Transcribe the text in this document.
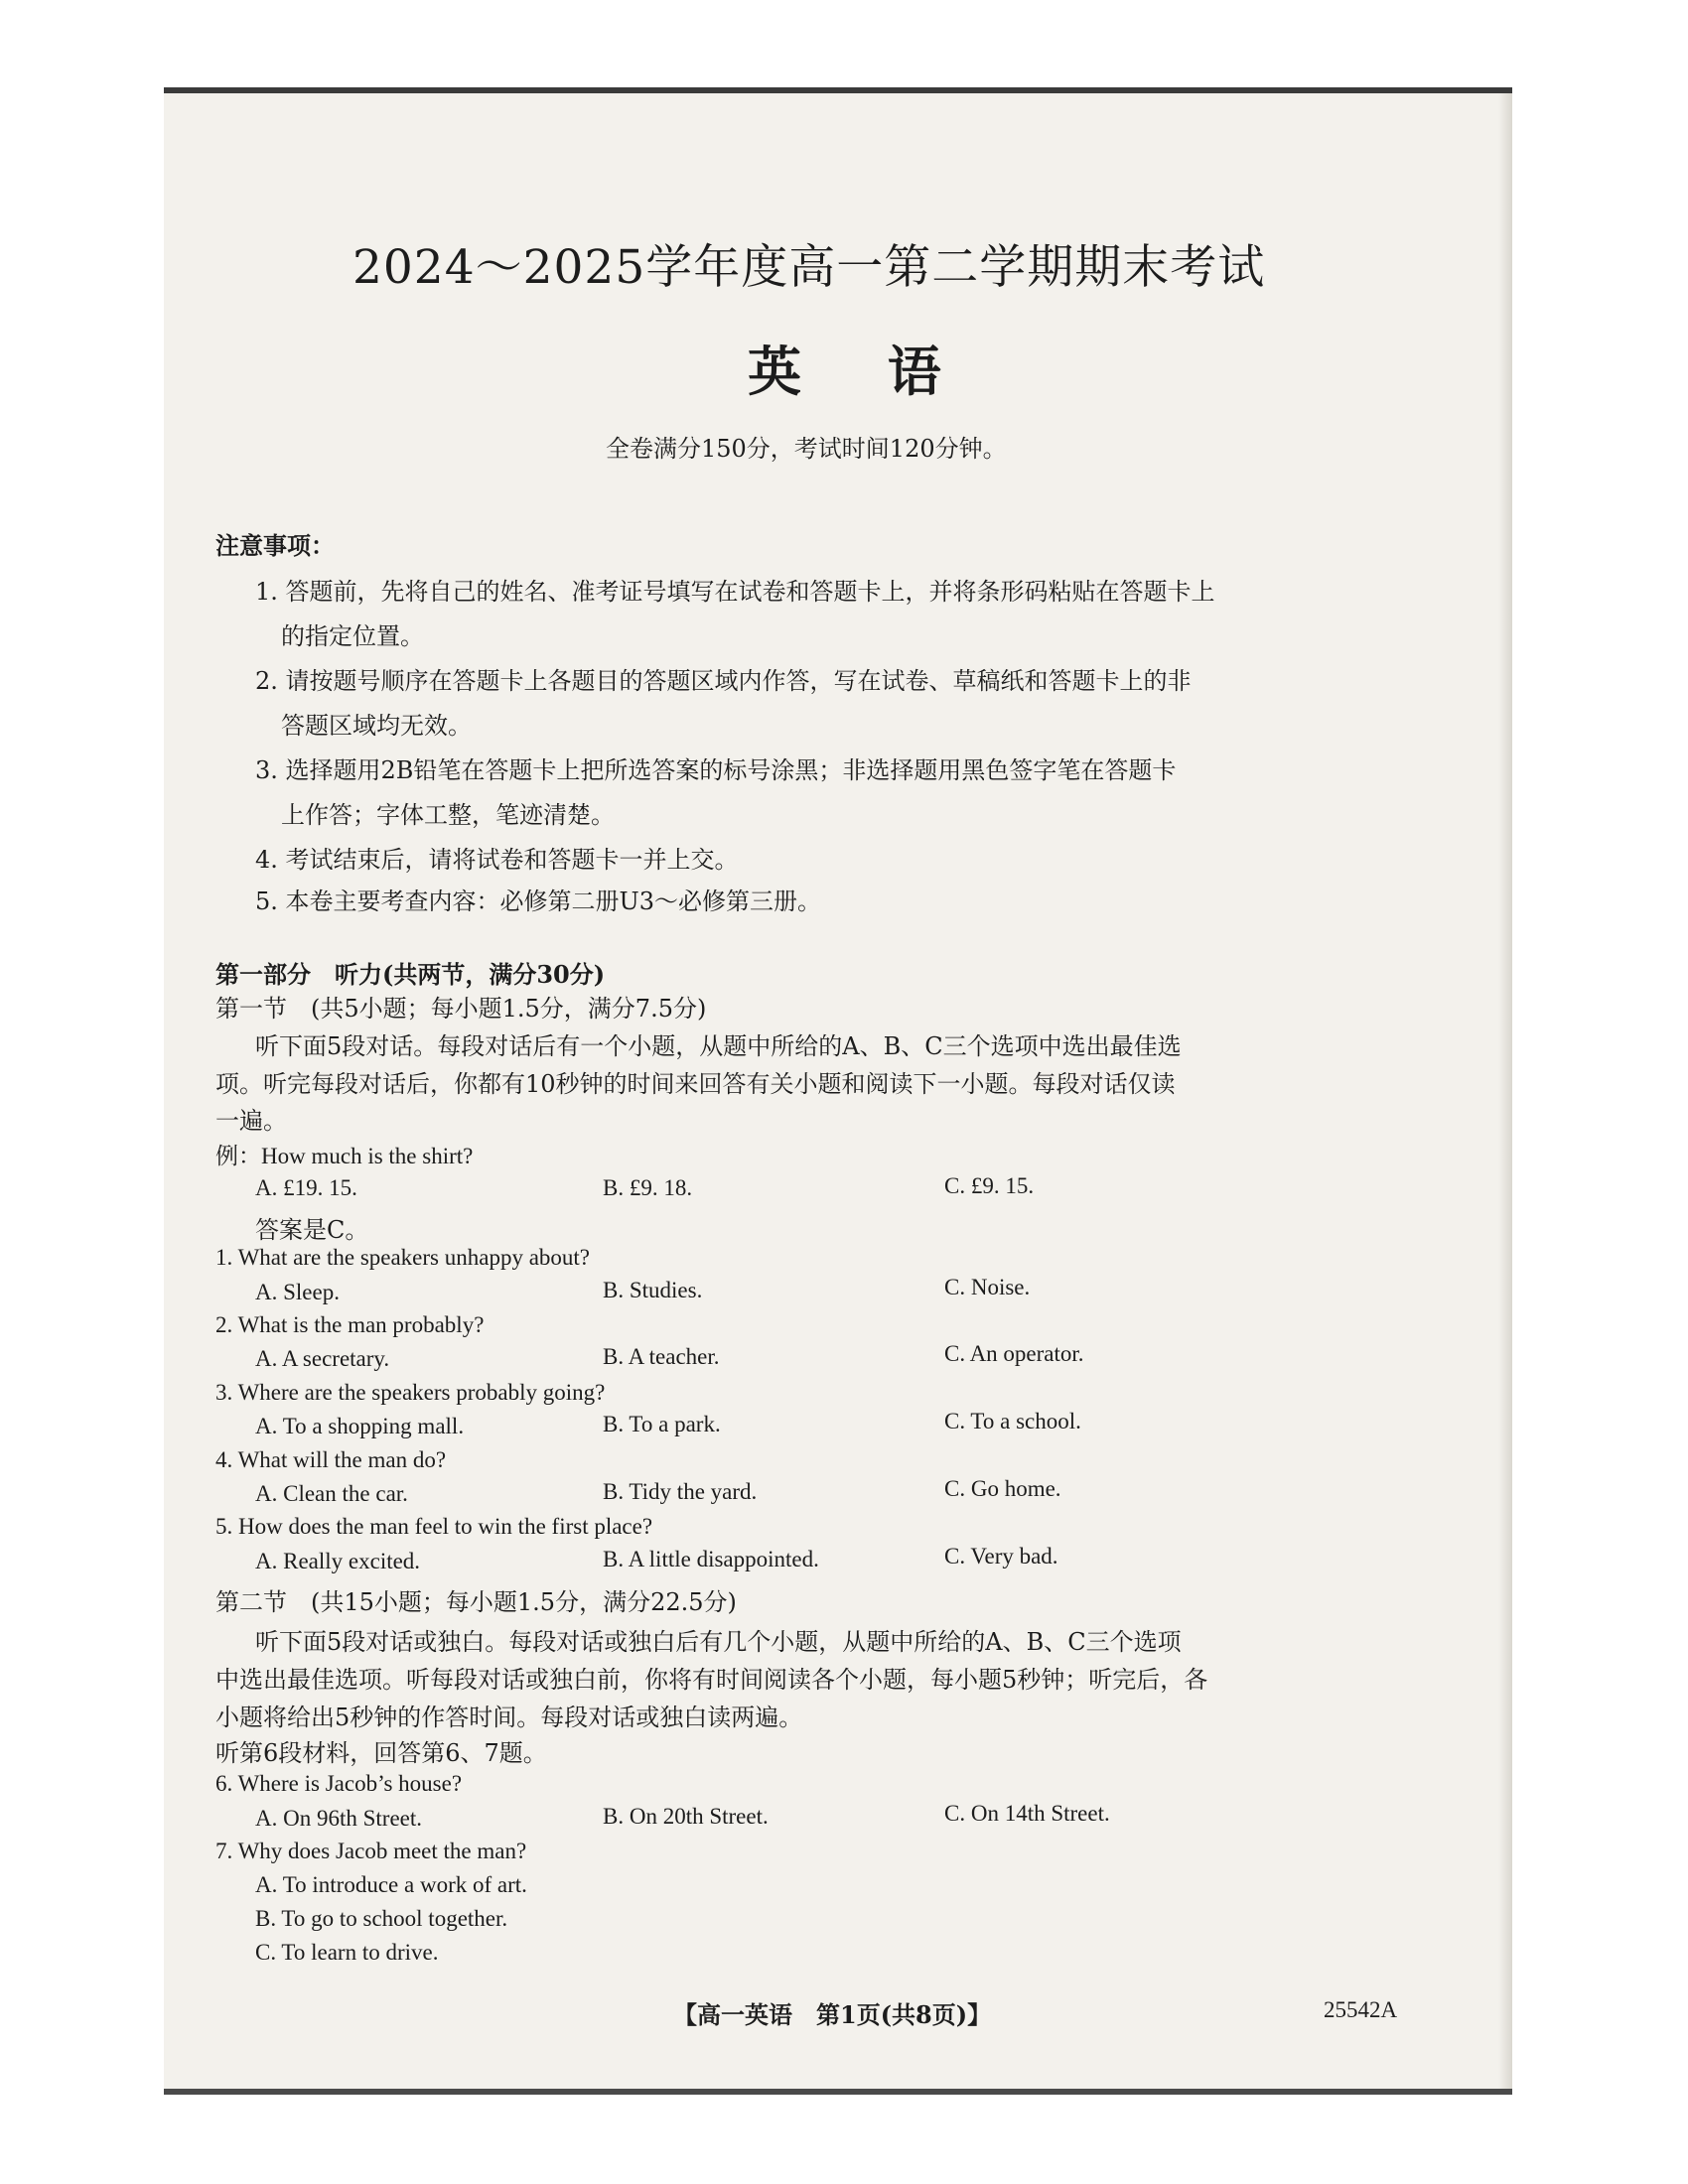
2024～2025学年度高一第二学期期末考试
英 语
全卷满分150分，考试时间120分钟。
注意事项：
1. 答题前，先将自己的姓名、准考证号填写在试卷和答题卡上，并将条形码粘贴在答题卡上
的指定位置。
2. 请按题号顺序在答题卡上各题目的答题区域内作答，写在试卷、草稿纸和答题卡上的非
答题区域均无效。
3. 选择题用2B铅笔在答题卡上把所选答案的标号涂黑；非选择题用黑色签字笔在答题卡
上作答；字体工整，笔迹清楚。
4. 考试结束后，请将试卷和答题卡一并上交。
5. 本卷主要考查内容：必修第二册U3～必修第三册。
第一部分　听力(共两节，满分30分)
第一节　(共5小题；每小题1.5分，满分7.5分)
听下面5段对话。每段对话后有一个小题，从题中所给的A、B、C三个选项中选出最佳选
项。听完每段对话后，你都有10秒钟的时间来回答有关小题和阅读下一小题。每段对话仅读
一遍。
例：How much is the shirt?
A. £19. 15.	B. £9. 18.	C. £9. 15.
答案是C。
1. What are the speakers unhappy about?
A. Sleep.	B. Studies.	C. Noise.
2. What is the man probably?
A. A secretary.	B. A teacher.	C. An operator.
3. Where are the speakers probably going?
A. To a shopping mall.	B. To a park.	C. To a school.
4. What will the man do?
A. Clean the car.	B. Tidy the yard.	C. Go home.
5. How does the man feel to win the first place?
A. Really excited.	B. A little disappointed.	C. Very bad.
第二节　(共15小题；每小题1.5分，满分22.5分)
听下面5段对话或独白。每段对话或独白后有几个小题，从题中所给的A、B、C三个选项
中选出最佳选项。听每段对话或独白前，你将有时间阅读各个小题，每小题5秒钟；听完后，各
小题将给出5秒钟的作答时间。每段对话或独白读两遍。
听第6段材料，回答第6、7题。
6. Where is Jacob’s house?
A. On 96th Street.	B. On 20th Street.	C. On 14th Street.
7. Why does Jacob meet the man?
A. To introduce a work of art.
B. To go to school together.
C. To learn to drive.
【高一英语　第1页(共8页)】	25542A
